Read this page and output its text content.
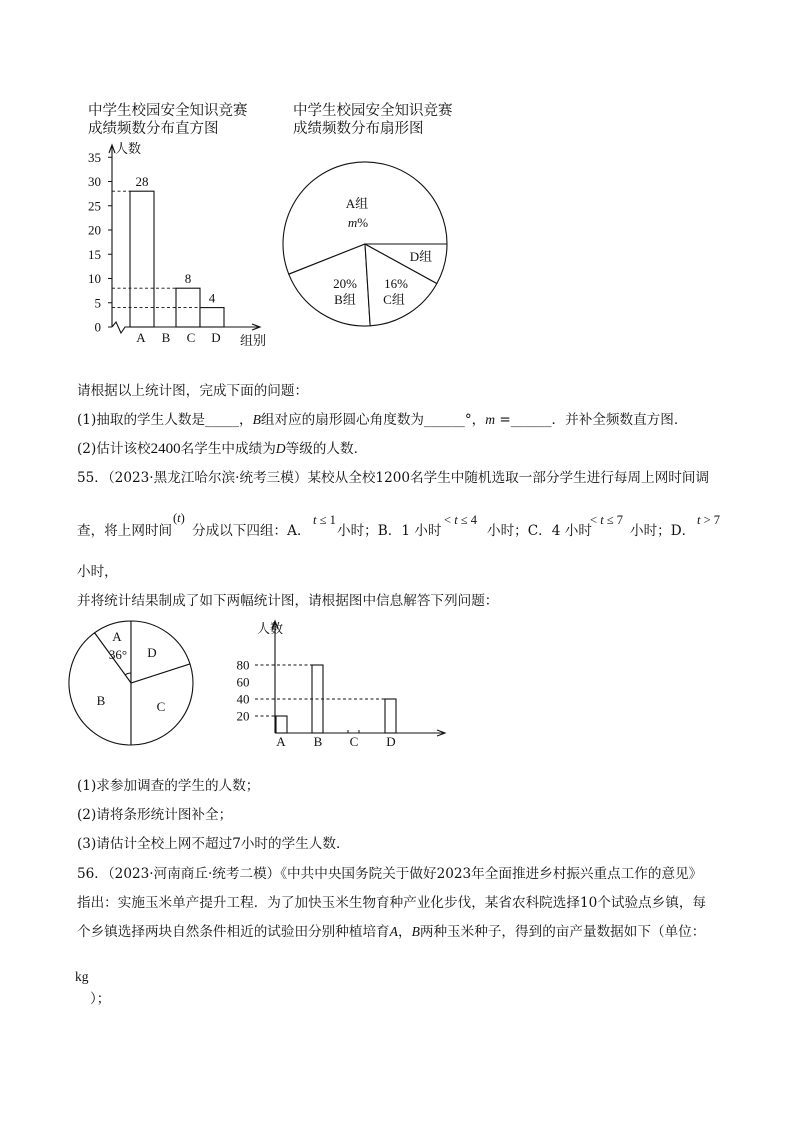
中学生校园安全知识竞赛
成绩频数分布直方图
中学生校园安全知识竞赛
成绩频数分布扇形图
人数
组别
0
5
10
15
20
25
30
35
A
28
B C
8
D
4
A组
m%
20%
B组
16%
C组
D组
请根据以上统计图，完成下面的问题：
(1)抽取的学生人数是 _____ ， B 组对应的扇形圆心角度数为 ______ °， m = ______ ．并补全频数直方图．
(2)估计该校 2400 名学生中成绩为 D 等级的人数．
55．（2023·黑龙江哈尔滨·统考三模）某校从全校1200名学生中随机选取一部分学生进行每周上网时间调
查，将上网时间
( t )
分成以下四组：A．
t ≤ 1
小时；B．1 小时
< t ≤ 4
小时；C．4 小时
< t ≤ 7
小时；D．
t > 7
小时，
并将统计结果制成了如下两幅统计图，请根据图中信息解答下列问题：
A
36°
B	C
D
人数
20
40
60
80
A B C D
(1)求参加调查的学生的人数；
(2)请将条形统计图补全；
(3)请估计全校上网不超过7小时的学生人数．
56．（2023·河南商丘·统考二模）《中共中央国务院关于做好2023年全面推进乡村振兴重点工作的意见》
指出：实施玉米单产提升工程．为了加快玉米生物育种产业化步伐，某省农科院选择10个试验点乡镇，每
个乡镇选择两块自然条件相近的试验田分别种植培育 A ， B 两种玉米种子，得到的亩产量数据如下（单位：
kg
）；
